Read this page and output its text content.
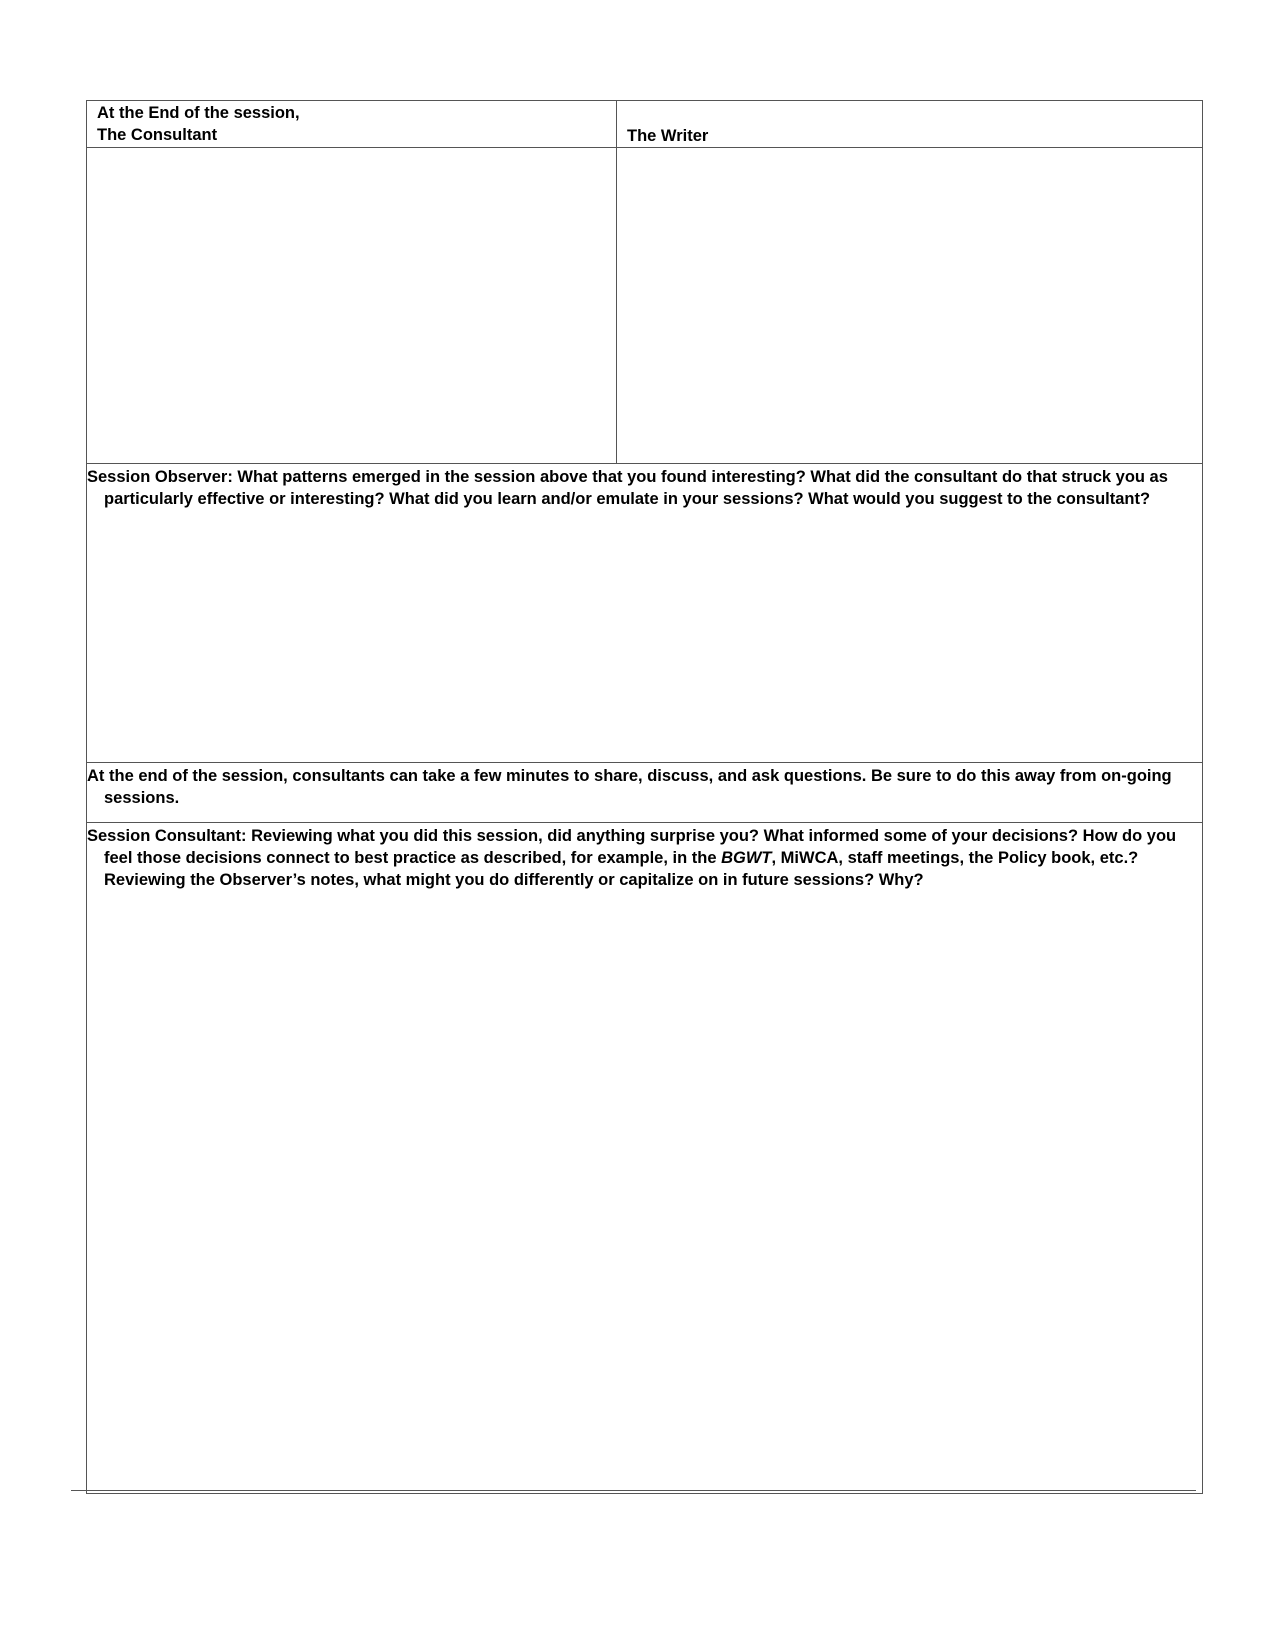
At the End of the session,
The Consultant	The Writer
Session Observer: What patterns emerged in the session above that you found interesting? What did the consultant do that struck you as particularly effective or interesting? What did you learn and/or emulate in your sessions? What would you suggest to the consultant?
At the end of the session, consultants can take a few minutes to share, discuss, and ask questions. Be sure to do this away from on-going sessions.
Session Consultant: Reviewing what you did this session, did anything surprise you? What informed some of your decisions? How do you feel those decisions connect to best practice as described, for example, in the BGWT, MiWCA, staff meetings, the Policy book, etc.? Reviewing the Observer’s notes, what might you do differently or capitalize on in future sessions? Why?
